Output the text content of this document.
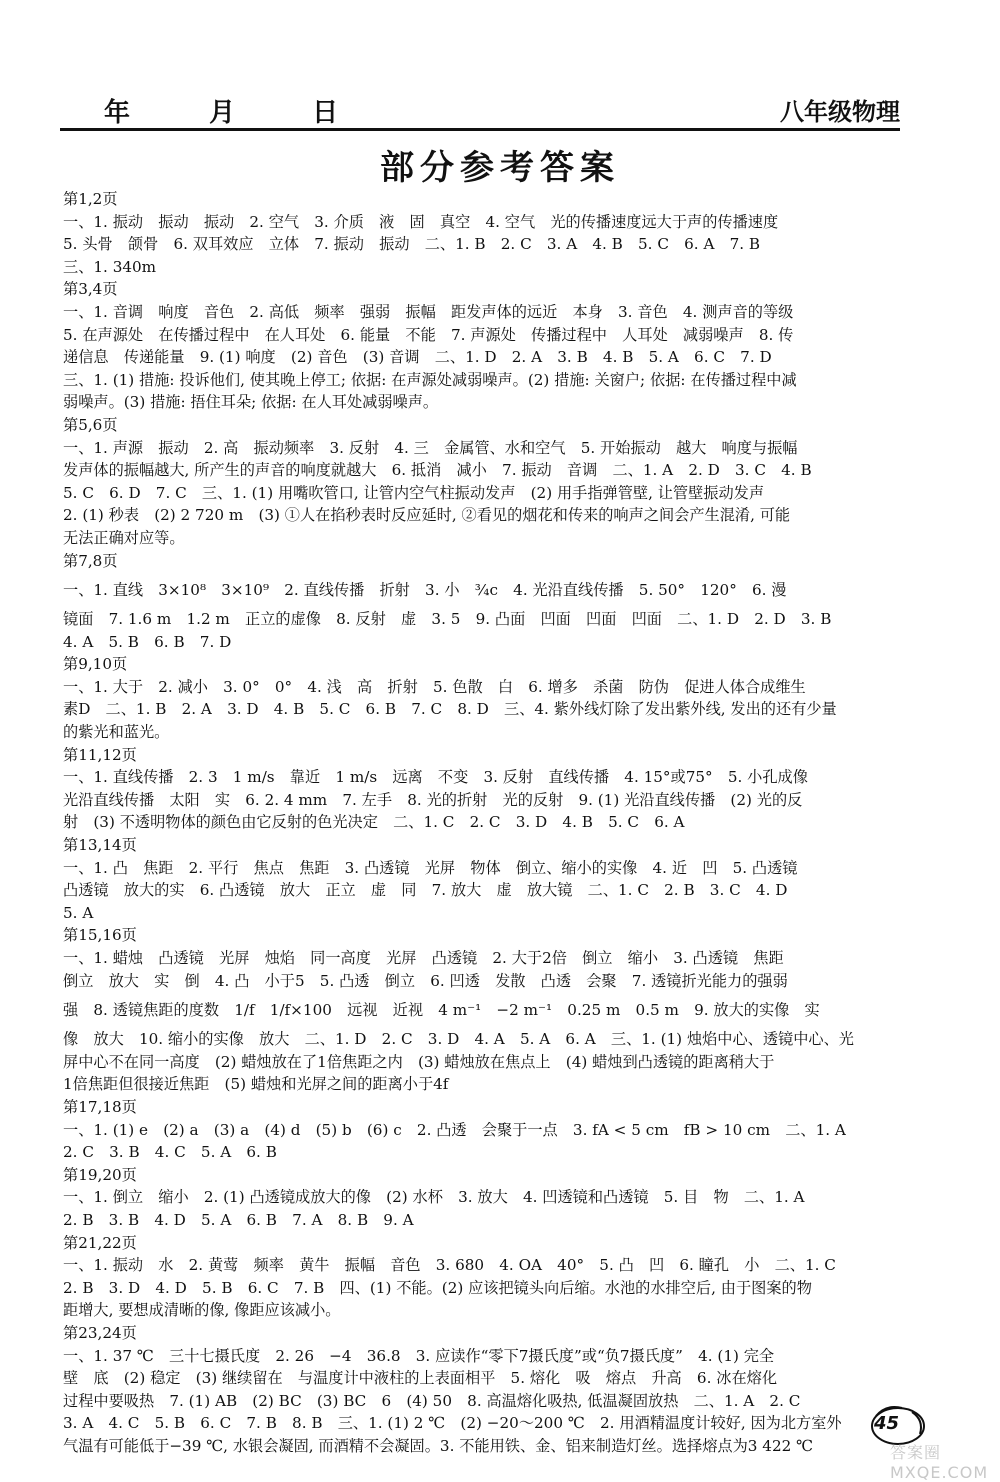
年	月	日	八年级物理
部分参考答案
第1,2页
一、1. 振动　振动　振动　2. 空气　3. 介质　液　固　真空　4. 空气　光的传播速度远大于声的传播速度
5. 头骨　颌骨　6. 双耳效应　立体　7. 振动　振动　二、1. B　2. C　3. A　4. B　5. C　6. A　7. B
三、1. 340m
第3,4页
一、1. 音调　响度　音色　2. 高低　频率　强弱　振幅　距发声体的远近　本身　3. 音色　4. 测声音的等级
5. 在声源处　在传播过程中　在人耳处　6. 能量　不能　7. 声源处　传播过程中　人耳处　减弱噪声　8. 传
递信息　传递能量　9. (1) 响度　(2) 音色　(3) 音调　二、1. D　2. A　3. B　4. B　5. A　6. C　7. D
三、1. (1) 措施: 投诉他们, 使其晚上停工; 依据: 在声源处减弱噪声。(2) 措施: 关窗户; 依据: 在传播过程中减
弱噪声。(3) 措施: 捂住耳朵; 依据: 在人耳处减弱噪声。
第5,6页
一、1. 声源　振动　2. 高　振动频率　3. 反射　4. 三　金属管、水和空气　5. 开始振动　越大　响度与振幅
发声体的振幅越大, 所产生的声音的响度就越大　6. 抵消　减小　7. 振动　音调　二、1. A　2. D　3. C　4. B
5. C　6. D　7. C　三、1. (1) 用嘴吹管口, 让管内空气柱振动发声　(2) 用手指弹管壁, 让管壁振动发声
2. (1) 秒表　(2) 2 720 m　(3) ①人在掐秒表时反应延时, ②看见的烟花和传来的响声之间会产生混淆, 可能
无法正确对应等。
第7,8页
一、1. 直线　3×10⁸　3×10⁹　2. 直线传播　折射　3. 小　¾c　4. 光沿直线传播　5. 50°　120°　6. 漫
镜面　7. 1.6 m　1.2 m　正立的虚像　8. 反射　虚　3. 5　9. 凸面　凹面　凹面　凹面　二、1. D　2. D　3. B
4. A　5. B　6. B　7. D
第9,10页
一、1. 大于　2. 减小　3. 0°　0°　4. 浅　高　折射　5. 色散　白　6. 增多　杀菌　防伪　促进人体合成维生
素D　二、1. B　2. A　3. D　4. B　5. C　6. B　7. C　8. D　三、4. 紫外线灯除了发出紫外线, 发出的还有少量
的紫光和蓝光。
第11,12页
一、1. 直线传播　2. 3　1 m/s　靠近　1 m/s　远离　不变　3. 反射　直线传播　4. 15°或75°　5. 小孔成像
光沿直线传播　太阳　实　6. 2. 4 mm　7. 左手　8. 光的折射　光的反射　9. (1) 光沿直线传播　(2) 光的反
射　(3) 不透明物体的颜色由它反射的色光决定　二、1. C　2. C　3. D　4. B　5. C　6. A
第13,14页
一、1. 凸　焦距　2. 平行　焦点　焦距　3. 凸透镜　光屏　物体　倒立、缩小的实像　4. 近　凹　5. 凸透镜
凸透镜　放大的实　6. 凸透镜　放大　正立　虚　同　7. 放大　虚　放大镜　二、1. C　2. B　3. C　4. D
5. A
第15,16页
一、1. 蜡烛　凸透镜　光屏　烛焰　同一高度　光屏　凸透镜　2. 大于2倍　倒立　缩小　3. 凸透镜　焦距
倒立　放大　实　倒　4. 凸　小于5　5. 凸透　倒立　6. 凹透　发散　凸透　会聚　7. 透镜折光能力的强弱
强　8. 透镜焦距的度数　1/f　1/f×100　远视　近视　4 m⁻¹　−2 m⁻¹　0.25 m　0.5 m　9. 放大的实像　实
像　放大　10. 缩小的实像　放大　二、1. D　2. C　3. D　4. A　5. A　6. A　三、1. (1) 烛焰中心、透镜中心、光
屏中心不在同一高度　(2) 蜡烛放在了1倍焦距之内　(3) 蜡烛放在焦点上　(4) 蜡烛到凸透镜的距离稍大于
1倍焦距但很接近焦距　(5) 蜡烛和光屏之间的距离小于4f
第17,18页
一、1. (1) e　(2) a　(3) a　(4) d　(5) b　(6) c　2. 凸透　会聚于一点　3. fA < 5 cm　fB > 10 cm　二、1. A
2. C　3. B　4. C　5. A　6. B
第19,20页
一、1. 倒立　缩小　2. (1) 凸透镜成放大的像　(2) 水杯　3. 放大　4. 凹透镜和凸透镜　5. 目　物　二、1. A
2. B　3. B　4. D　5. A　6. B　7. A　8. B　9. A
第21,22页
一、1. 振动　水　2. 黄莺　频率　黄牛　振幅　音色　3. 680　4. OA　40°　5. 凸　凹　6. 瞳孔　小　二、1. C
2. B　3. D　4. D　5. B　6. C　7. B　四、(1) 不能。(2) 应该把镜头向后缩。水池的水排空后, 由于图案的物
距增大, 要想成清晰的像, 像距应该减小。
第23,24页
一、1. 37 ℃　三十七摄氏度　2. 26　−4　36.8　3. 应读作“零下7摄氏度”或“负7摄氏度”　4. (1) 完全
壁　底　(2) 稳定　(3) 继续留在　与温度计中液柱的上表面相平　5. 熔化　吸　熔点　升高　6. 冰在熔化
过程中要吸热　7. (1) AB　(2) BC　(3) BC　6　(4) 50　8. 高温熔化吸热, 低温凝固放热　二、1. A　2. C
3. A　4. C　5. B　6. C　7. B　8. B　三、1. (1) 2 ℃　(2) −20～200 ℃　2. 用酒精温度计较好, 因为北方室外
气温有可能低于−39 ℃, 水银会凝固, 而酒精不会凝固。3. 不能用铁、金、铝来制造灯丝。选择熔点为3 422 ℃
45
答案圈 MXQE.COM
